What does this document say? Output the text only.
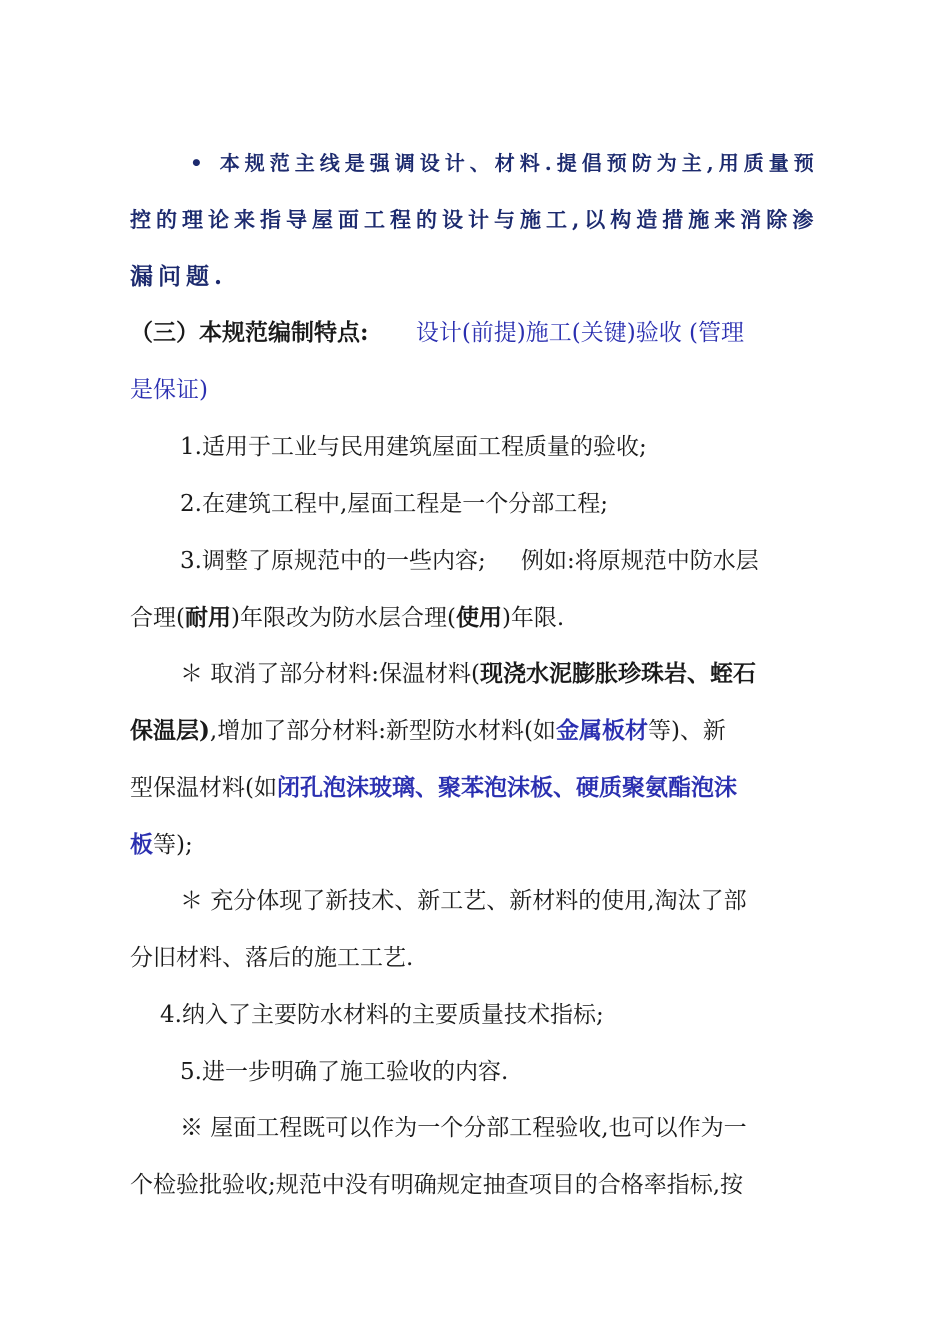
• 本规范主线是强调设计、材料.提倡预防为主,用质量预
控的理论来指导屋面工程的设计与施工,以构造措施来消除渗
漏问题.
（三）本规范编制特点: 设计(前提)施工(关键)验收 (管理
是保证)
1.适用于工业与民用建筑屋面工程质量的验收;
2.在建筑工程中,屋面工程是一个分部工程;
3.调整了原规范中的一些内容; 例如:将原规范中防水层
合理(耐用)年限改为防水层合理(使用)年限.
＊ 取消了部分材料:保温材料(现浇水泥膨胀珍珠岩、蛭石
保温层),增加了部分材料:新型防水材料(如金属板材等)、新
型保温材料(如闭孔泡沫玻璃、聚苯泡沫板、硬质聚氨酯泡沫
板等);
＊ 充分体现了新技术、新工艺、新材料的使用,淘汰了部
分旧材料、落后的施工工艺.
4.纳入了主要防水材料的主要质量技术指标;
5.进一步明确了施工验收的内容.
※ 屋面工程既可以作为一个分部工程验收,也可以作为一
个检验批验收;规范中没有明确规定抽查项目的合格率指标,按
